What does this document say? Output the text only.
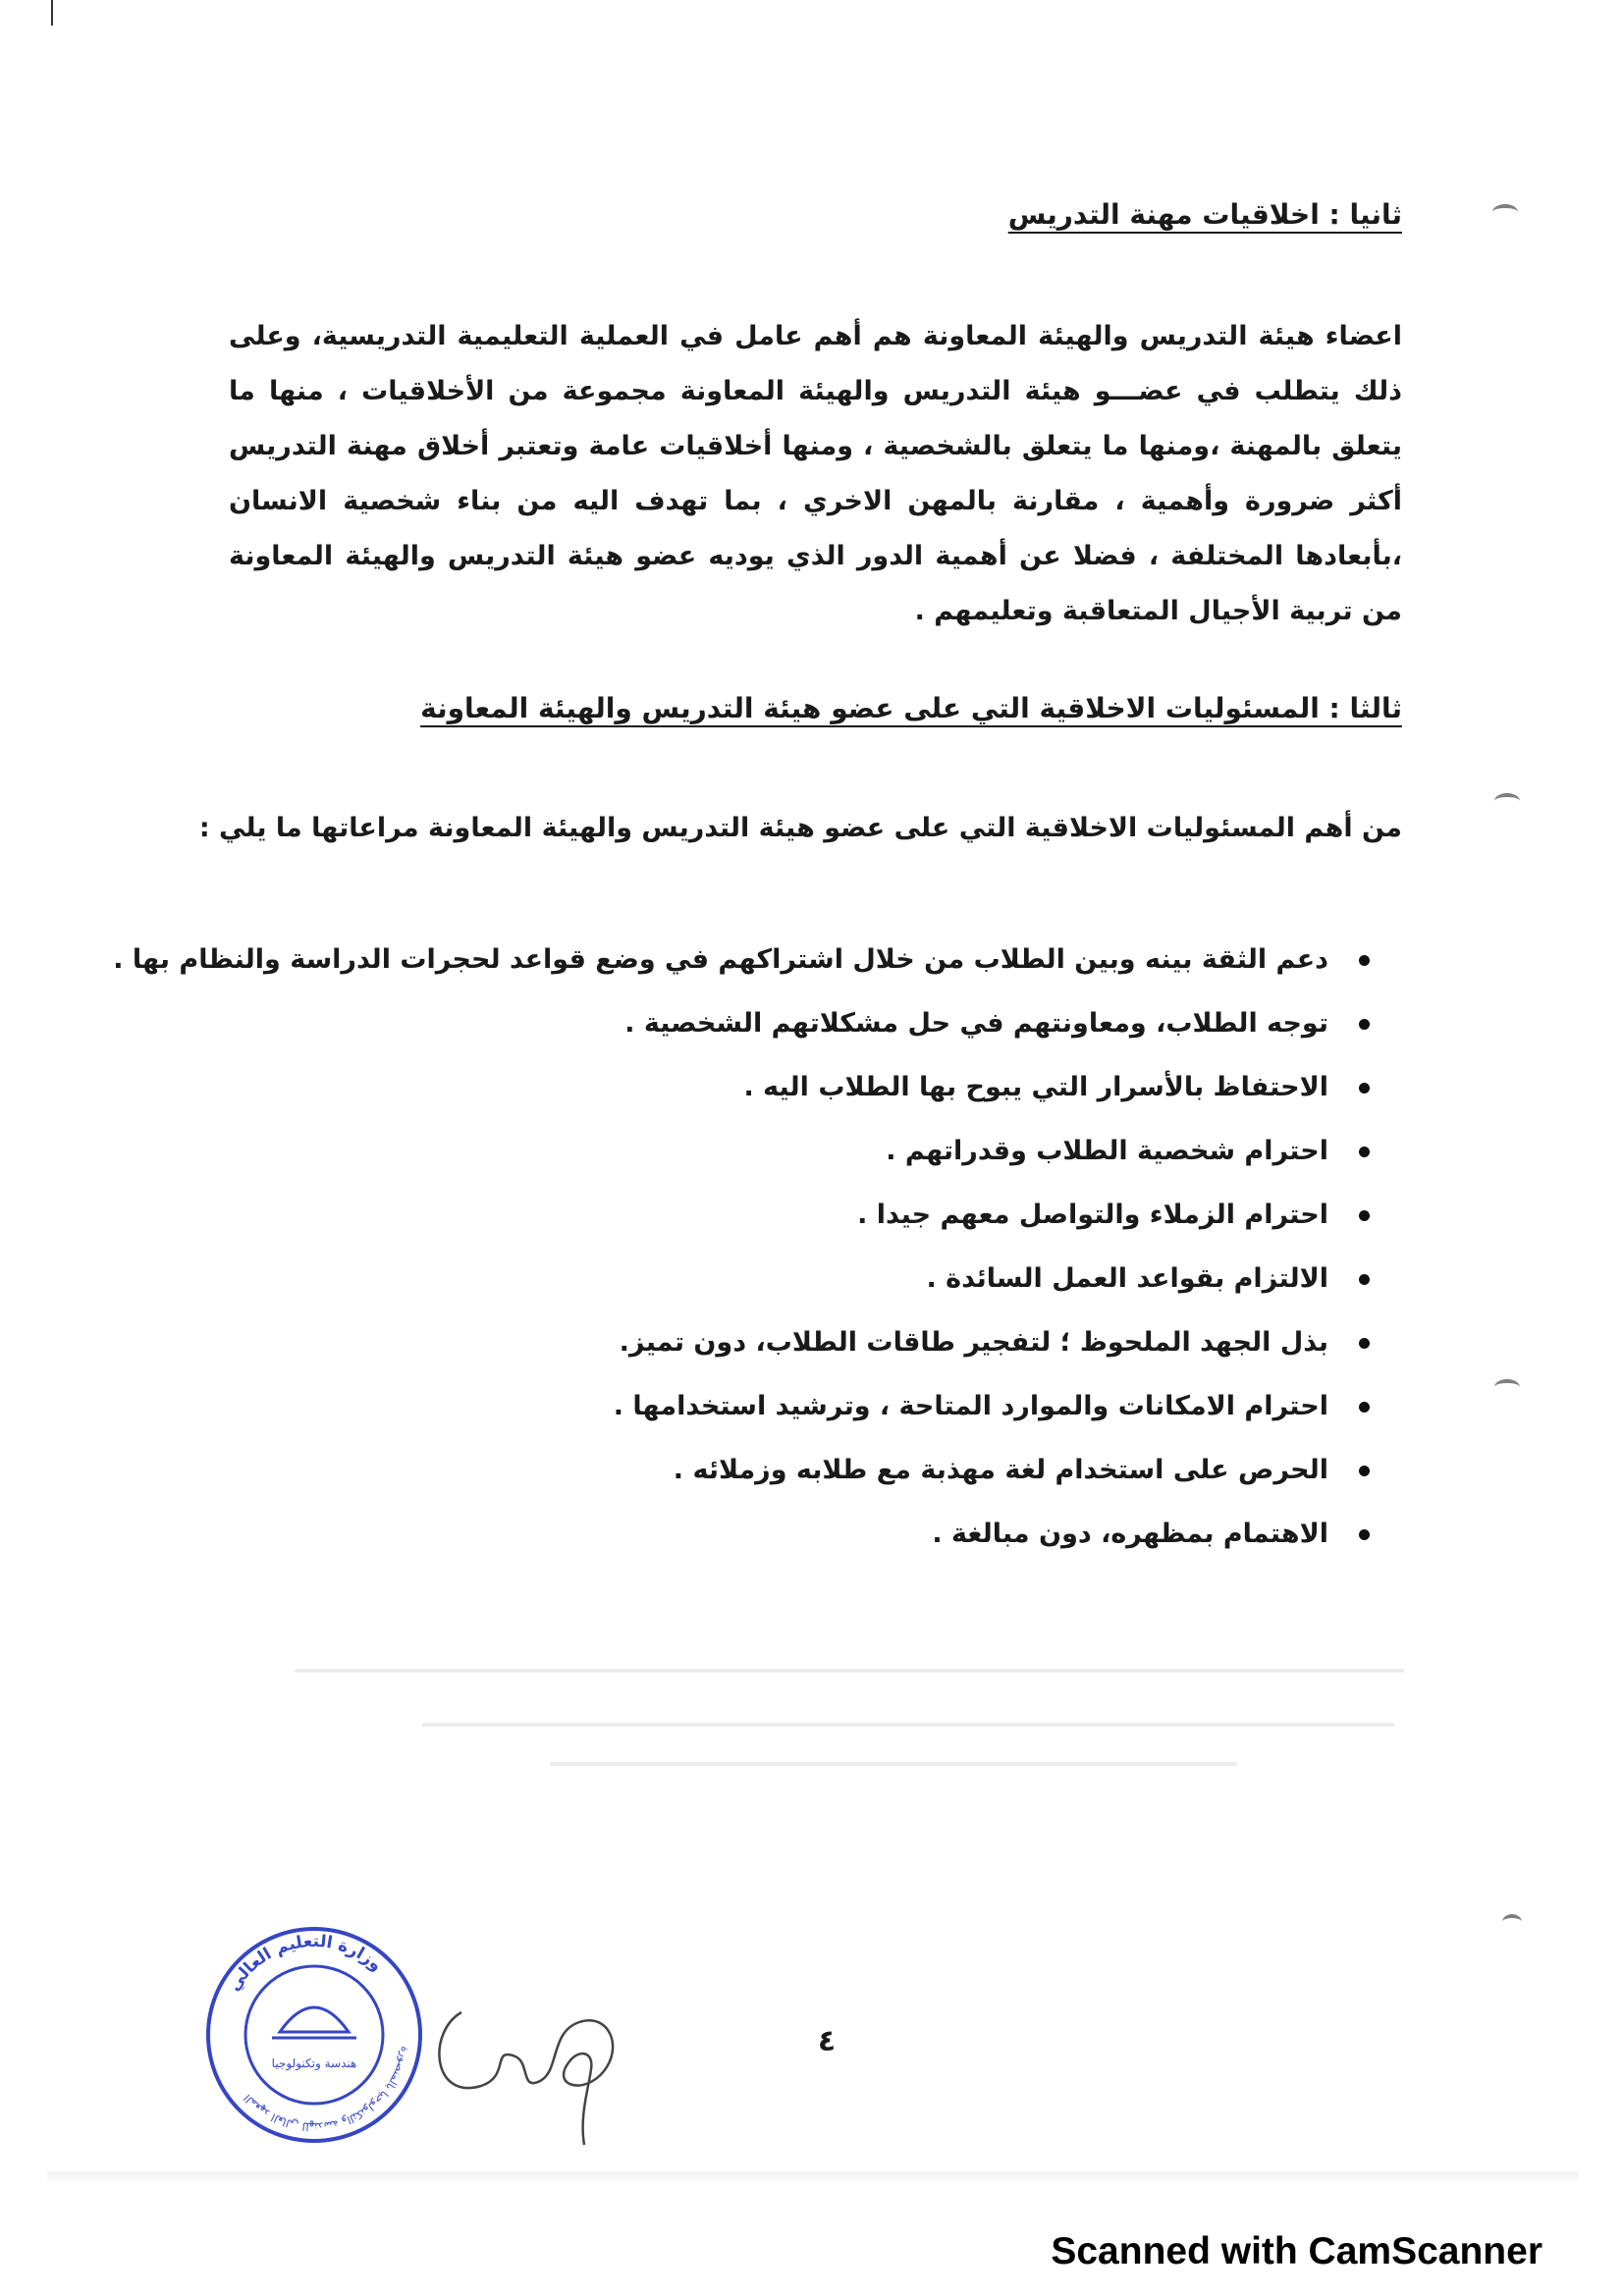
ثانيا : اخلاقيات مهنة التدريس
اعضاء هيئة التدريس والهيئة المعاونة هم أهم عامل في العملية التعليمية التدريسية، وعلى ذلك يتطلب في عضـــو هيئة التدريس والهيئة المعاونة مجموعة من الأخلاقيات ، منها ما يتعلق بالمهنة ،ومنها ما يتعلق بالشخصية ، ومنها أخلاقيات عامة وتعتبر أخلاق مهنة التدريس أكثر ضرورة وأهمية ، مقارنة بالمهن الاخري ، بما تهدف اليه من بناء شخصية الانسان ،بأبعادها المختلفة ، فضلا عن أهمية الدور الذي يوديه عضو هيئة التدريس والهيئة المعاونة من تربية الأجيال المتعاقبة وتعليمهم .
ثالثا : المسئوليات الاخلاقية التي على عضو هيئة التدريس والهيئة المعاونة
من أهم المسئوليات الاخلاقية التي على عضو هيئة التدريس والهيئة المعاونة مراعاتها ما يلي :
دعم الثقة بينه وبين الطلاب من خلال اشتراكهم في وضع قواعد لحجرات الدراسة والنظام بها .
توجه الطلاب، ومعاونتهم في حل مشكلاتهم الشخصية .
الاحتفاظ بالأسرار التي يبوح بها الطلاب اليه .
احترام شخصية الطلاب وقدراتهم .
احترام الزملاء والتواصل معهم جيدا .
الالتزام بقواعد العمل السائدة .
بذل الجهد الملحوظ ؛ لتفجير طاقات الطلاب، دون تميز.
احترام الامكانات والموارد المتاحة ، وترشيد استخدامها .
الحرص على استخدام لغة مهذبة مع طلابه وزملائه .
الاهتمام بمظهره، دون مبالغة .
وزارة التعليم العالي
المعهد العالي للهندسة والتكنولوجيا بالمنصورة
هندسة وتكنولوجيا
٤
Scanned with CamScanner
